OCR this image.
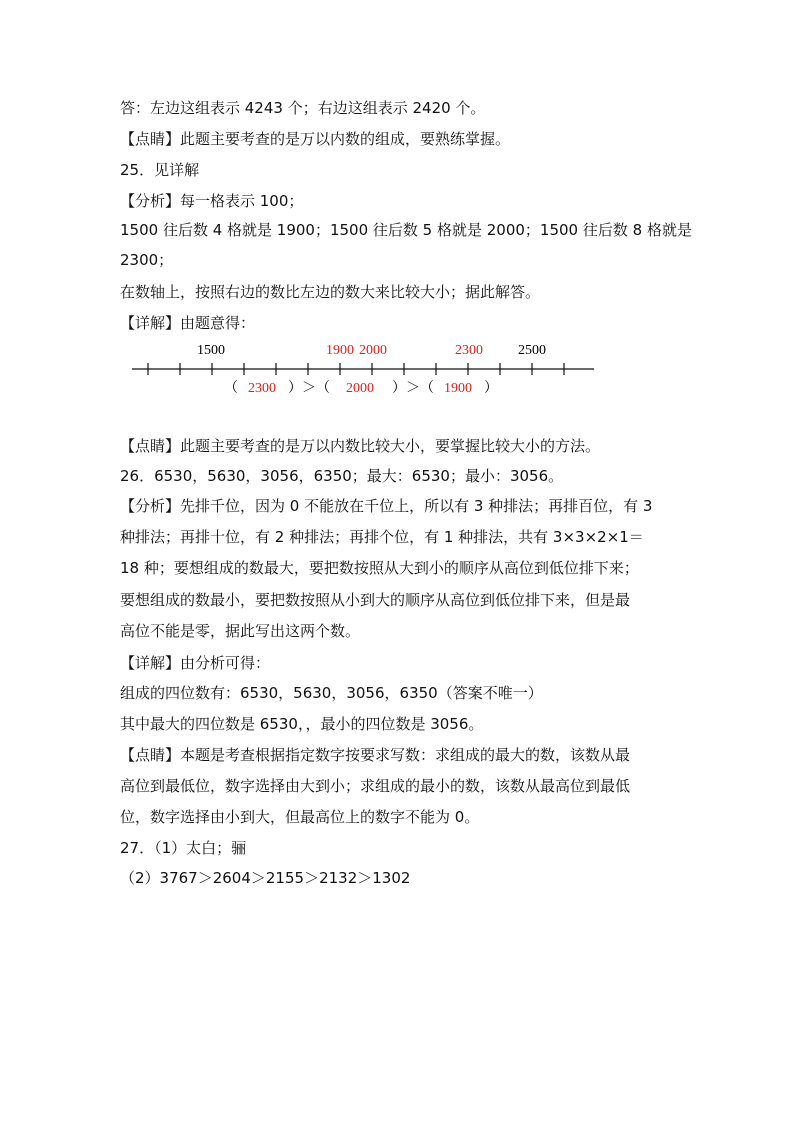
答：左边这组表示 4243 个；右边这组表示 2420 个。
【点睛】此题主要考查的是万以内数的组成，要熟练掌握。
25．见详解
【分析】每一格表示 100；
1500 往后数 4 格就是 1900；1500 往后数 5 格就是 2000；1500 往后数 8 格就是
2300；
在数轴上，按照右边的数比左边的数大来比较大小；据此解答。
【详解】由题意得：
1500	1900 2000	2300	2500
（ 2300 ）＞（ 2000 ）＞（ 1900 ）
【点睛】此题主要考查的是万以内数比较大小，要掌握比较大小的方法。
26．6530，5630，3056，6350；最大：6530；最小：3056。
【分析】先排千位，因为 0 不能放在千位上，所以有 3 种排法；再排百位，有 3
种排法；再排十位，有 2 种排法；再排个位，有 1 种排法，共有 3×3×2×1＝
18 种；要想组成的数最大，要把数按照从大到小的顺序从高位到低位排下来；
要想组成的数最小，要把数按照从小到大的顺序从高位到低位排下来，但是最
高位不能是零，据此写出这两个数。
【详解】由分析可得：
组成的四位数有：6530，5630，3056，6350（答案不唯一）
其中最大的四位数是 6530，，最小的四位数是 3056。
【点睛】本题是考查根据指定数字按要求写数：求组成的最大的数，该数从最
高位到最低位，数字选择由大到小；求组成的最小的数，该数从最高位到最低
位，数字选择由小到大，但最高位上的数字不能为 0。
27．（1）太白；骊
（2）3767＞2604＞2155＞2132＞1302
